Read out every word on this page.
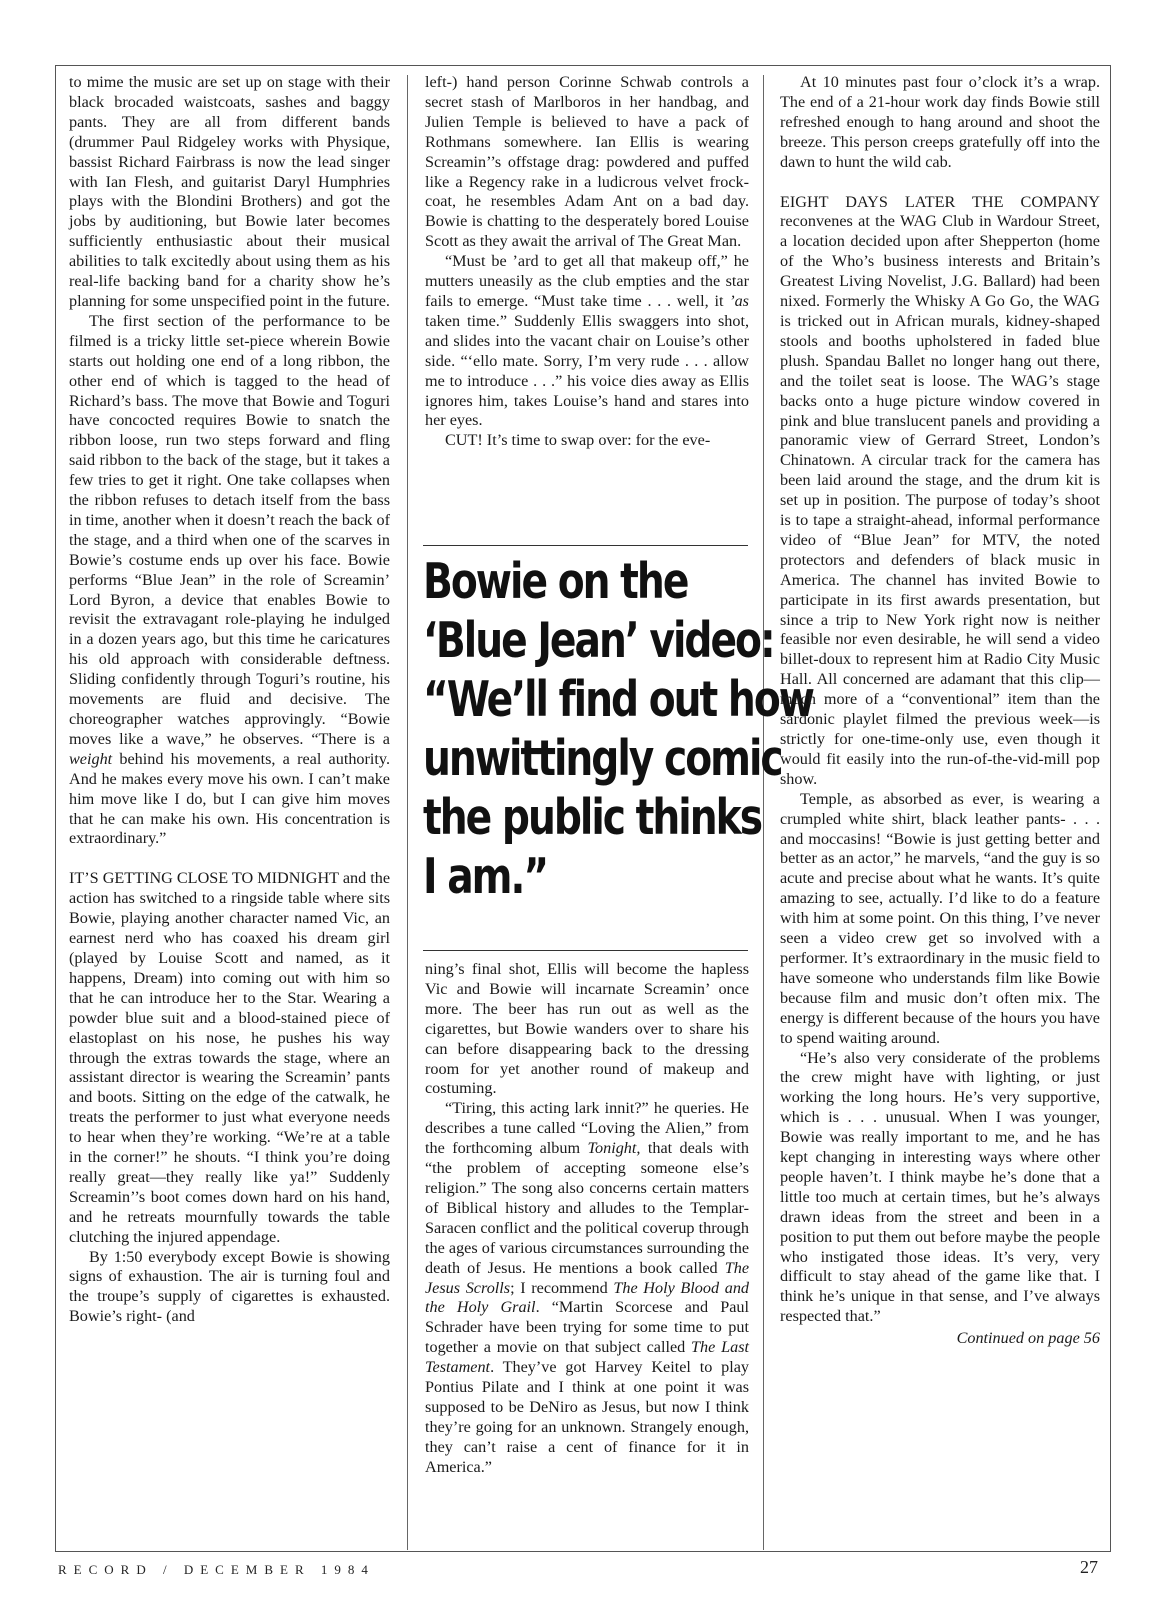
to mime the music are set up on stage with their black brocaded waistcoats, sashes and baggy pants. They are all from different bands (drummer Paul Ridgeley works with Physique, bassist Richard Fairbrass is now the lead singer with Ian Flesh, and guitarist Daryl Humphries plays with the Blondini Brothers) and got the jobs by auditioning, but Bowie later becomes sufficiently enthusiastic about their musical abilities to talk excitedly about using them as his real-life backing band for a charity show he’s planning for some unspecified point in the future.

The first section of the performance to be filmed is a tricky little set-piece wherein Bowie starts out holding one end of a long ribbon, the other end of which is tagged to the head of Richard’s bass. The move that Bowie and Toguri have concocted requires Bowie to snatch the ribbon loose, run two steps forward and fling said ribbon to the back of the stage, but it takes a few tries to get it right. One take collapses when the ribbon refuses to detach itself from the bass in time, another when it doesn’t reach the back of the stage, and a third when one of the scarves in Bowie’s costume ends up over his face. Bowie performs “Blue Jean” in the role of Screamin’ Lord Byron, a device that enables Bowie to revisit the extravagant role-playing he indulged in a dozen years ago, but this time he caricatures his old approach with considerable deftness. Sliding confidently through Toguri’s routine, his movements are fluid and decisive. The choreographer watches approvingly. “Bowie moves like a wave,” he observes. “There is a weight behind his movements, a real authority. And he makes every move his own. I can’t make him move like I do, but I can give him moves that he can make his own. His concentration is extraordinary.”

IT’S GETTING CLOSE TO MIDNIGHT and the action has switched to a ringside table where sits Bowie, playing another character named Vic, an earnest nerd who has coaxed his dream girl (played by Louise Scott and named, as it happens, Dream) into coming out with him so that he can introduce her to the Star. Wearing a powder blue suit and a blood-stained piece of elastoplast on his nose, he pushes his way through the extras towards the stage, where an assistant director is wearing the Screamin’ pants and boots. Sitting on the edge of the catwalk, he treats the performer to just what everyone needs to hear when they’re working. “We’re at a table in the corner!” he shouts. “I think you’re doing really great—they really like ya!” Suddenly Screamin’’s boot comes down hard on his hand, and he retreats mournfully towards the table clutching the injured appendage.

By 1:50 everybody except Bowie is showing signs of exhaustion. The air is turning foul and the troupe’s supply of cigarettes is exhausted. Bowie’s right- (and

left-) hand person Corinne Schwab controls a secret stash of Marlboros in her handbag, and Julien Temple is believed to have a pack of Rothmans somewhere. Ian Ellis is wearing Screamin’’s offstage drag: powdered and puffed like a Regency rake in a ludicrous velvet frock-coat, he resembles Adam Ant on a bad day. Bowie is chatting to the desperately bored Louise Scott as they await the arrival of The Great Man.

“Must be ’ard to get all that makeup off,” he mutters uneasily as the club empties and the star fails to emerge. “Must take time . . . well, it ’as taken time.” Suddenly Ellis swaggers into shot, and slides into the vacant chair on Louise’s other side. “‘ello mate. Sorry, I’m very rude . . . allow me to introduce . . .” his voice dies away as Ellis ignores him, takes Louise’s hand and stares into her eyes.

CUT! It’s time to swap over: for the eve-

Bowie on the
‘Blue Jean’ video:
“We’ll find out how
unwittingly comic
the public thinks
I am.”

ning’s final shot, Ellis will become the hapless Vic and Bowie will incarnate Screamin’ once more. The beer has run out as well as the cigarettes, but Bowie wanders over to share his can before disappearing back to the dressing room for yet another round of makeup and costuming.

“Tiring, this acting lark innit?” he queries. He describes a tune called “Loving the Alien,” from the forthcoming album Tonight, that deals with “the problem of accepting someone else’s religion.” The song also concerns certain matters of Biblical history and alludes to the Templar-Saracen conflict and the political coverup through the ages of various circumstances surrounding the death of Jesus. He mentions a book called The Jesus Scrolls; I recommend The Holy Blood and the Holy Grail. “Martin Scorcese and Paul Schrader have been trying for some time to put together a movie on that subject called The Last Testament. They’ve got Harvey Keitel to play Pontius Pilate and I think at one point it was supposed to be DeNiro as Jesus, but now I think they’re going for an unknown. Strangely enough, they can’t raise a cent of finance for it in America.”

At 10 minutes past four o’clock it’s a wrap. The end of a 21-hour work day finds Bowie still refreshed enough to hang around and shoot the breeze. This person creeps gratefully off into the dawn to hunt the wild cab.

EIGHT DAYS LATER THE COMPANY reconvenes at the WAG Club in Wardour Street, a location decided upon after Shepperton (home of the Who’s business interests and Britain’s Greatest Living Novelist, J.G. Ballard) had been nixed. Formerly the Whisky A Go Go, the WAG is tricked out in African murals, kidney-shaped stools and booths upholstered in faded blue plush. Spandau Ballet no longer hang out there, and the toilet seat is loose. The WAG’s stage backs onto a huge picture window covered in pink and blue translucent panels and providing a panoramic view of Gerrard Street, London’s Chinatown. A circular track for the camera has been laid around the stage, and the drum kit is set up in position. The purpose of today’s shoot is to tape a straight-ahead, informal performance video of “Blue Jean” for MTV, the noted protectors and defenders of black music in America. The channel has invited Bowie to participate in its first awards presentation, but since a trip to New York right now is neither feasible nor even desirable, he will send a video billet-doux to represent him at Radio City Music Hall. All concerned are adamant that this clip—much more of a “conventional” item than the sardonic playlet filmed the previous week—is strictly for one-time-only use, even though it would fit easily into the run-of-the-vid-mill pop show.

Temple, as absorbed as ever, is wearing a crumpled white shirt, black leather pants- . . . and moccasins! “Bowie is just getting better and better as an actor,” he marvels, “and the guy is so acute and precise about what he wants. It’s quite amazing to see, actually. I’d like to do a feature with him at some point. On this thing, I’ve never seen a video crew get so involved with a performer. It’s extraordinary in the music field to have someone who understands film like Bowie because film and music don’t often mix. The energy is different because of the hours you have to spend waiting around.

“He’s also very considerate of the problems the crew might have with lighting, or just working the long hours. He’s very supportive, which is . . . unusual. When I was younger, Bowie was really important to me, and he has kept changing in interesting ways where other people haven’t. I think maybe he’s done that a little too much at certain times, but he’s always drawn ideas from the street and been in a position to put them out before maybe the people who instigated those ideas. It’s very, very difficult to stay ahead of the game like that. I think he’s unique in that sense, and I’ve always respected that.”

Continued on page 56
RECORD / DECEMBER 1984	27
